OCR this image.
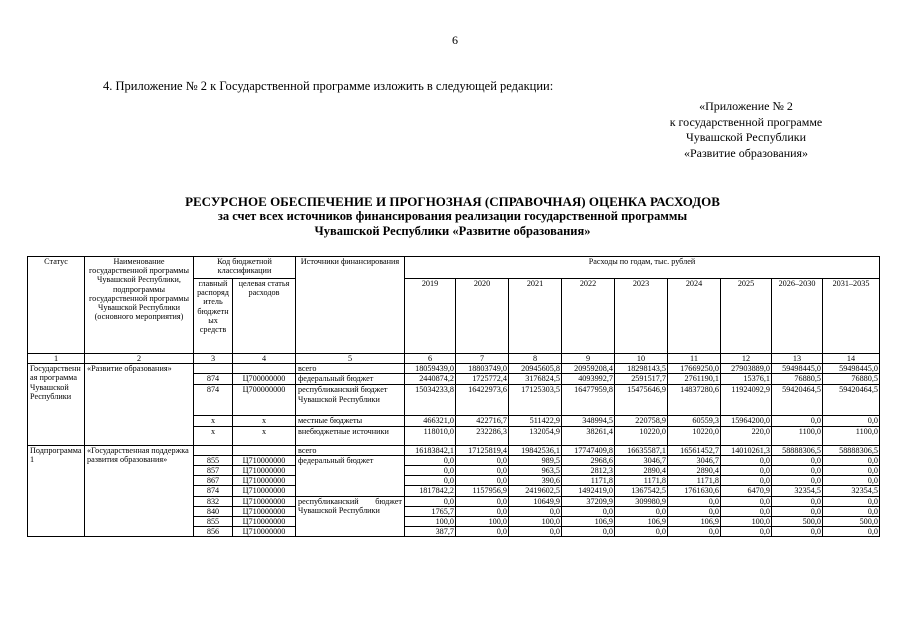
6
4. Приложение № 2 к Государственной программе изложить в следующей редакции:
«Приложение № 2
к государственной программе
Чувашской Республики
«Развитие образования»
РЕСУРСНОЕ ОБЕСПЕЧЕНИЕ И ПРОГНОЗНАЯ (СПРАВОЧНАЯ) ОЦЕНКА РАСХОДОВ
за счет всех источников финансирования реализации государственной программы
Чувашской Республики «Развитие образования»
Статус	Наименование государственной программы Чувашской Республики, подпрограммы государственной программы Чувашской Республики (основного мероприятия)	Код бюджетной классификации		Источники финансирования	Расходы по годам, тыс. рублей								
		главный распорядитель бюджетных средств	целевая статья расходов		2019	2020	2021	2022	2023	2024	2025	2026–2030	2031–2035
1	2	3	4	5	6	7	8	9	10	11	12	13	14
Государственная программа Чувашской Республики	«Развитие образования»			всего	18059439,0	18803749,0	20945605,8	20959208,4	18298143,5	17669250,0	27903889,0	59498445,0	59498445,0
		874	Ц700000000	федеральный бюджет	2440874,2	1725772,4	3176824,5	4093992,7	2591517,7	2761190,1	15376,1	76880,5	76880,5
		874	Ц700000000	республиканский бюджет Чувашской Республики	15034233,8	16422973,6	17125303,5	16477959,8	15475646,9	14837280,6	11924092,9	59420464,5	59420464,5
		x	x	местные бюджеты	466321,0	422716,7	511422,9	348994,5	220758,9	60559,3	15964200,0	0,0	0,0
		x	x	внебюджетные источники	118010,0	232286,3	132054,9	38261,4	10220,0	10220,0	220,0	1100,0	1100,0
Подпрограмма 1	«Государственная поддержка развития образования»			всего	16183842,1	17125819,4	19842536,1	17747409,8	16635587,1	16561452,7	14010261,3	58888306,5	58888306,5
		855	Ц710000000	федеральный бюджет	0,0	0,0	989,5	2968,6	3046,7	3046,7	0,0	0,0	0,0
		857	Ц710000000		0,0	0,0	963,5	2812,3	2890,4	2890,4	0,0	0,0	0,0
		867	Ц710000000		0,0	0,0	390,6	1171,8	1171,8	1171,8	0,0	0,0	0,0
		874	Ц710000000		1817842,2	1157956,9	2419602,5	1492419,0	1367542,5	1761630,6	6470,9	32354,5	32354,5
		832	Ц710000000	республиканский бюджет Чувашской Республики	0,0	0,0	10649,9	37209,9	309980,9	0,0	0,0	0,0	0,0
		840	Ц710000000		1765,7	0,0	0,0	0,0	0,0	0,0	0,0	0,0	0,0
		855	Ц710000000		100,0	100,0	100,0	106,9	106,9	106,9	100,0	500,0	500,0
		856	Ц710000000		387,7	0,0	0,0	0,0	0,0	0,0	0,0	0,0	0,0
